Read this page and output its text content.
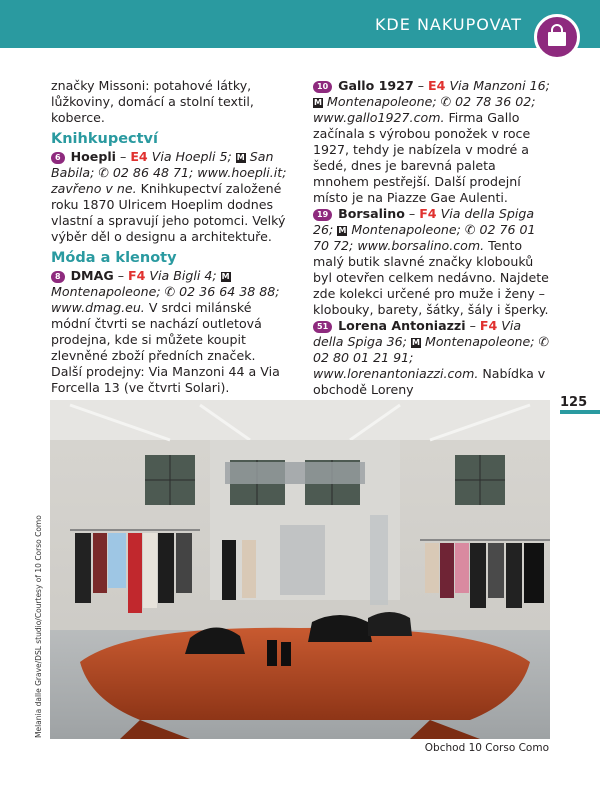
KDE NAKUPOVAT

značky Missoni: potahové látky, lůžkoviny, domácí a stolní textil, koberce.

Knihkupectví

6 Hoepli – E4 Via Hoepli 5; M San Babila; ✆ 02 86 48 71; www.hoepli.it; zavřeno v ne. Knihkupectví založené roku 1870 Ulricem Hoeplim dodnes vlastní a spravují jeho potomci. Velký výběr děl o designu a architektuře.

Móda a klenoty

8 DMAG – F4 Via Bigli 4; M Montenapoleone; ✆ 02 36 64 38 88; www.dmag.eu. V srdci milánské módní čtvrti se nachází outletová prodejna, kde si můžete koupit zlevněné zboží předních značek. Další prodejny: Via Manzoni 44 a Via Forcella 13 (ve čtvrti Solari).

10 Gallo 1927 – E4 Via Manzoni 16; M Montenapoleone; ✆ 02 78 36 02; www.gallo1927.com. Firma Gallo začínala s výrobou ponožek v roce 1927, tehdy je nabízela v modré a šedé, dnes je barevná paleta mnohem pestřejší. Další prodejní místo je na Piazze Gae Aulenti.

19 Borsalino – F4 Via della Spiga 26; M Montenapoleone; ✆ 02 76 01 70 72; www.borsalino.com. Tento malý butik slavné značky klobouků byl otevřen celkem nedávno. Najdete zde kolekci určené pro muže i ženy – klobouky, barety, šátky, šály i šperky.

51 Lorena Antoniazzi – F4 Via della Spiga 36; M Montenapoleone; ✆ 02 80 01 21 91; www.lorenantoniazzi.com. Nabídka v obchodě Loreny

125
Melania dalle Grave/DSL studio/Courtesy of 10 Corso Como
Obchod 10 Corso Como
